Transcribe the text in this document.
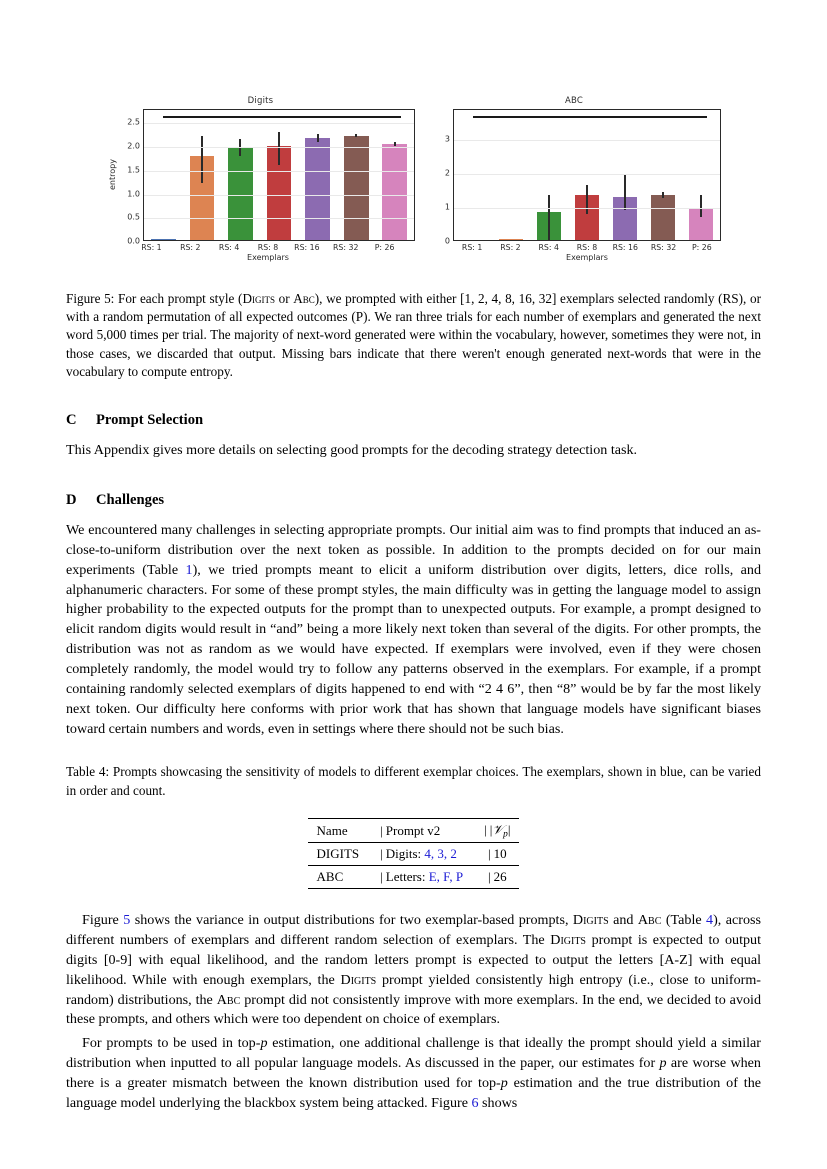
Digits
entropy
0.0
0.5
1.0
1.5
2.0
2.5
RS: 1	RS: 2	RS: 4	RS: 8	RS: 16	RS: 32	P: 26
Exemplars
ABC
0
1
2
3
RS: 1	RS: 2	RS: 4	RS: 8	RS: 16	RS: 32	P: 26
Exemplars
Figure 5: For each prompt style (Digits or Abc), we prompted with either [1, 2, 4, 8, 16, 32] exemplars selected randomly (RS), or with a random permutation of all expected outcomes (P). We ran three trials for each number of exemplars and generated the next word 5,000 times per trial. The majority of next-word generated were within the vocabulary, however, sometimes they were not, in those cases, we discarded that output. Missing bars indicate that there weren't enough generated next-words that were in the vocabulary to compute entropy.
C Prompt Selection

This Appendix gives more details on selecting good prompts for the decoding strategy detection task.

D Challenges

We encountered many challenges in selecting appropriate prompts. Our initial aim was to find prompts that induced an as-close-to-uniform distribution over the next token as possible. In addition to the prompts decided on for our main experiments (Table 1), we tried prompts meant to elicit a uniform distribution over digits, letters, dice rolls, and alphanumeric characters. For some of these prompt styles, the main difficulty was in getting the language model to assign higher probability to the expected outputs for the prompt than to unexpected outputs. For example, a prompt designed to elicit random digits would result in “and” being a more likely next token than several of the digits. For other prompts, the distribution was not as random as we would have expected. If exemplars were involved, even if they were chosen completely randomly, the model would try to follow any patterns observed in the exemplars. For example, if a prompt containing randomly selected exemplars of digits happened to end with “2 4 6”, then “8” would be by far the most likely next token. Our difficulty here conforms with prior work that has shown that language models have significant biases toward certain numbers and words, even in settings where there should not be such bias.

Table 4: Prompts showcasing the sensitivity of models to different exemplar choices. The exemplars, shown in blue, can be varied in order and count.
Name	| Prompt v2	| |𝒱$_p$|
DIGITS	| Digits: 4, 3, 2	| 10
ABC	| Letters: E, F, P	| 26

Figure 5 shows the variance in output distributions for two exemplar-based prompts, Digits and Abc (Table 4), across different numbers of exemplars and different random selection of exemplars. The Digits prompt is expected to output digits [0-9] with equal likelihood, and the random letters prompt is expected to output the letters [A-Z] with equal likelihood. While with enough exemplars, the Digits prompt yielded consistently high entropy (i.e., close to uniform-random) distributions, the Abc prompt did not consistently improve with more exemplars. In the end, we decided to avoid these prompts, and others which were too dependent on choice of exemplars.

For prompts to be used in top-p estimation, one additional challenge is that ideally the prompt should yield a similar distribution when inputted to all popular language models. As discussed in the paper, our estimates for p are worse when there is a greater mismatch between the known distribution used for top-p estimation and the true distribution of the language model underlying the blackbox system being attacked. Figure 6 shows
